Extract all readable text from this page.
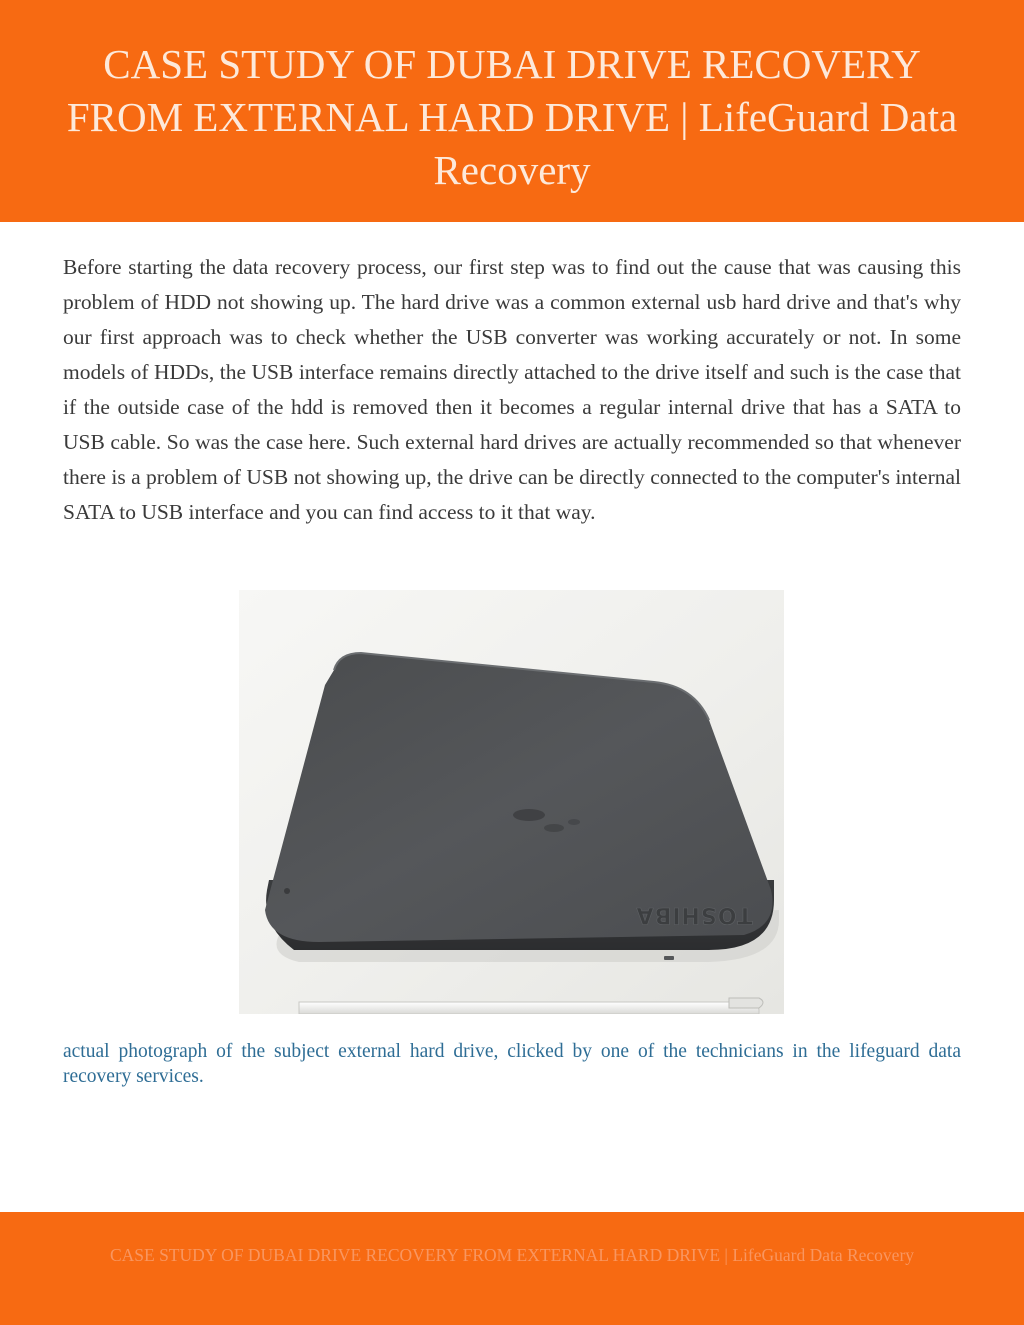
CASE STUDY OF DUBAI DRIVE RECOVERY FROM EXTERNAL HARD DRIVE | LifeGuard Data Recovery

Before starting the data recovery process, our first step was to find out the cause that was causing this problem of HDD not showing up. The hard drive was a common external usb hard drive and that's why our first approach was to check whether the USB converter was working accurately or not. In some models of HDDs, the USB interface remains directly attached to the drive itself and such is the case that if the outside case of the hdd is removed then it becomes a regular internal drive that has a SATA to USB cable. So was the case here. Such external hard drives are actually recommended so that whenever there is a problem of USB not showing up, the drive can be directly connected to the computer's internal SATA to USB interface and you can find access to it that way.

TOSHIBA

actual photograph of the subject external hard drive, clicked by one of the technicians in the lifeguard data recovery services.

CASE STUDY OF DUBAI DRIVE RECOVERY FROM EXTERNAL HARD DRIVE | LifeGuard Data Recovery
